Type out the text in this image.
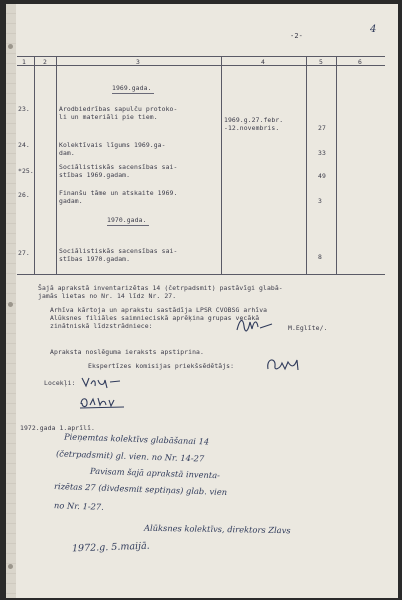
-2-
4
1	2	3	4	5	6
1969.gada.
23.	Arodbiedrības sapulču protoko-
li un materiāli pie tiem.	1969.g.27.febr.
-12.novembris.	27
24.	Kolektīvais līgums 1969.ga-
dam.	33
*25.	Sociālistiskās sacensības sai-
stības 1969.gadam.	49
26.	Finanšu tāme un atskaite 1969.
gadam.	3
1970.gada.
27.	Sociālistiskās sacensības sai-
stības 1970.gadam.	8
Šajā aprakstā inventarizētas 14 (četrpadsmit) pastāvīgi glabā-
jamās lietas no Nr. 14 līdz Nr. 27.
Arhīva kārtoja un aprakstu sastādīja LPSR CVOBSG arhīva
Alūksnes filiāles saimnieciskā aprēķina grupas vecākā
zinātniskā līdzstrādniece:	M.Eglīte/.
Apraksta noslēguma ieraksts apstiprina.
Ekspertīzes komisijas priekšsēdētājs:
Locekļi:
1972.gada 1.aprīlī.
Pieņemtas kolektīvs glabāšanai 14
(četrpadsmit) gl. vien. no Nr. 14-27
Pavisam šajā aprakstā inventa-
rizētas 27 (divdesmit septiņas) glab. vien
no Nr. 1-27.
Alūksnes kolektīvs, direktors Zlavs
1972.g. 5.maijā.
